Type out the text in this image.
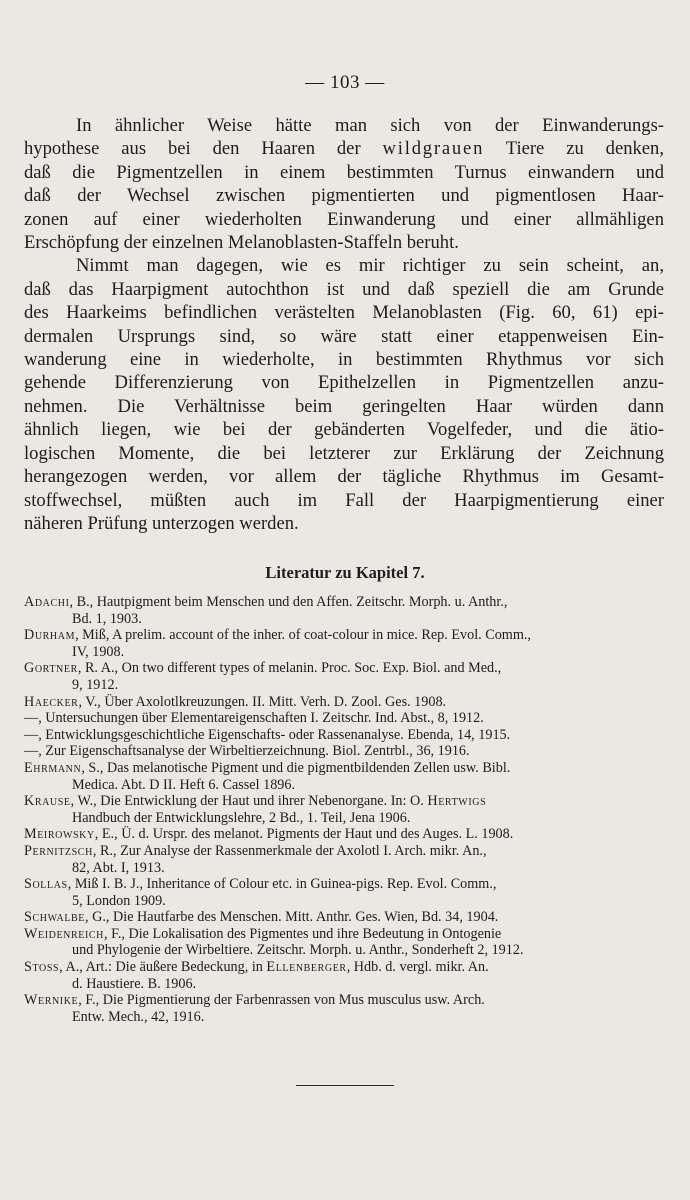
— 103 —
In ähnlicher Weise hätte man sich von der Einwanderungs-
hypothese aus bei den Haaren der wildgrauen Tiere zu denken,
daß die Pigmentzellen in einem bestimmten Turnus einwandern und
daß der Wechsel zwischen pigmentierten und pigmentlosen Haar-
zonen auf einer wiederholten Einwanderung und einer allmähligen
Erschöpfung der einzelnen Melanoblasten-Staffeln beruht.
Nimmt man dagegen, wie es mir richtiger zu sein scheint, an,
daß das Haarpigment autochthon ist und daß speziell die am Grunde
des Haarkeims befindlichen verästelten Melanoblasten (Fig. 60, 61) epi-
dermalen Ursprungs sind, so wäre statt einer etappenweisen Ein-
wanderung eine in wiederholte, in bestimmten Rhythmus vor sich
gehende Differenzierung von Epithelzellen in Pigmentzellen anzu-
nehmen. Die Verhältnisse beim geringelten Haar würden dann
ähnlich liegen, wie bei der gebänderten Vogelfeder, und die ätio-
logischen Momente, die bei letzterer zur Erklärung der Zeichnung
herangezogen werden, vor allem der tägliche Rhythmus im Gesamt-
stoffwechsel, müßten auch im Fall der Haarpigmentierung einer
näheren Prüfung unterzogen werden.
Literatur zu Kapitel 7.
Adachi, B., Hautpigment beim Menschen und den Affen. Zeitschr. Morph. u. Anthr.,
Bd. 1, 1903.
Durham, Miß, A prelim. account of the inher. of coat-colour in mice. Rep. Evol. Comm.,
IV, 1908.
Gortner, R. A., On two different types of melanin. Proc. Soc. Exp. Biol. and Med.,
9, 1912.
Haecker, V., Über Axolotlkreuzungen. II. Mitt. Verh. D. Zool. Ges. 1908.
—, Untersuchungen über Elementareigenschaften I. Zeitschr. Ind. Abst., 8, 1912.
—, Entwicklungsgeschichtliche Eigenschafts- oder Rassenanalyse. Ebenda, 14, 1915.
—, Zur Eigenschaftsanalyse der Wirbeltierzeichnung. Biol. Zentrbl., 36, 1916.
Ehrmann, S., Das melanotische Pigment und die pigmentbildenden Zellen usw. Bibl.
Medica. Abt. D II. Heft 6. Cassel 1896.
Krause, W., Die Entwicklung der Haut und ihrer Nebenorgane. In: O. Hertwigs
Handbuch der Entwicklungslehre, 2 Bd., 1. Teil, Jena 1906.
Meirowsky, E., Ü. d. Urspr. des melanot. Pigments der Haut und des Auges. L. 1908.
Pernitzsch, R., Zur Analyse der Rassenmerkmale der Axolotl I. Arch. mikr. An.,
82, Abt. I, 1913.
Sollas, Miß I. B. J., Inheritance of Colour etc. in Guinea-pigs. Rep. Evol. Comm.,
5, London 1909.
Schwalbe, G., Die Hautfarbe des Menschen. Mitt. Anthr. Ges. Wien, Bd. 34, 1904.
Weidenreich, F., Die Lokalisation des Pigmentes und ihre Bedeutung in Ontogenie
und Phylogenie der Wirbeltiere. Zeitschr. Morph. u. Anthr., Sonderheft 2, 1912.
Stoss, A., Art.: Die äußere Bedeckung, in Ellenberger, Hdb. d. vergl. mikr. An.
d. Haustiere. B. 1906.
Wernike, F., Die Pigmentierung der Farbenrassen von Mus musculus usw. Arch.
Entw. Mech., 42, 1916.
